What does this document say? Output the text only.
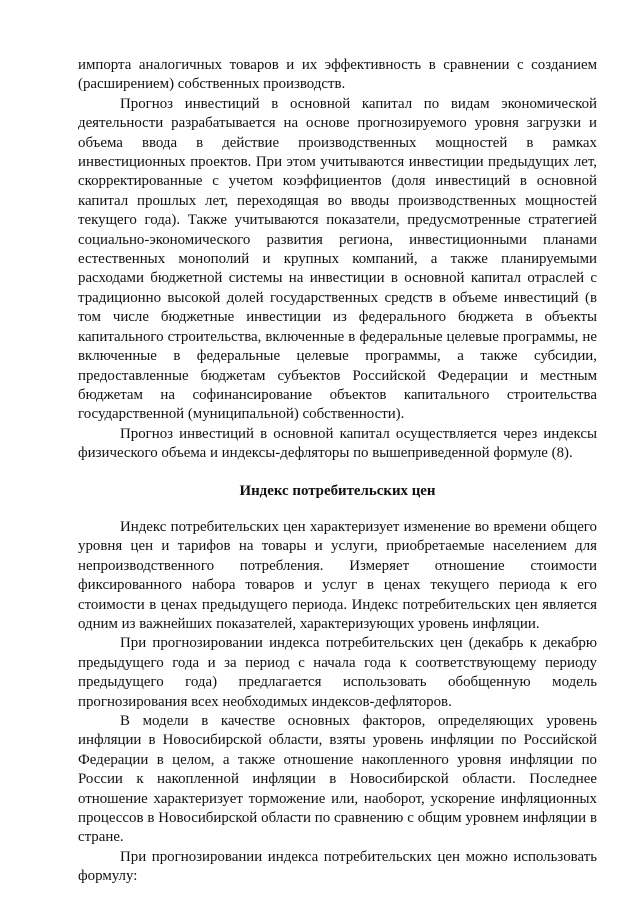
импорта аналогичных товаров и их эффективность в сравнении с созданием (расширением) собственных производств.

Прогноз инвестиций в основной капитал по видам экономической деятельности разрабатывается на основе прогнозируемого уровня загрузки и объема ввода в действие производственных мощностей в рамках инвестиционных проектов. При этом учитываются инвестиции предыдущих лет, скорректированные с учетом коэффициентов (доля инвестиций в основной капитал прошлых лет, переходящая во вводы производственных мощностей текущего года). Также учитываются показатели, предусмотренные стратегией социально-экономического развития региона, инвестиционными планами естественных монополий и крупных компаний, а также планируемыми расходами бюджетной системы на инвестиции в основной капитал отраслей с традиционно высокой долей государственных средств в объеме инвестиций (в том числе бюджетные инвестиции из федерального бюджета в объекты капитального строительства, включенные в федеральные целевые программы, не включенные в федеральные целевые программы, а также субсидии, предоставленные бюджетам субъектов Российской Федерации и местным бюджетам на софинансирование объектов капитального строительства государственной (муниципальной) собственности).

Прогноз инвестиций в основной капитал осуществляется через индексы физического объема и индексы-дефляторы по вышеприведенной формуле (8).

Индекс потребительских цен

Индекс потребительских цен характеризует изменение во времени общего уровня цен и тарифов на товары и услуги, приобретаемые населением для непроизводственного потребления. Измеряет отношение стоимости фиксированного набора товаров и услуг в ценах текущего периода к его стоимости в ценах предыдущего периода. Индекс потребительских цен является одним из важнейших показателей, характеризующих уровень инфляции.

При прогнозировании индекса потребительских цен (декабрь к декабрю предыдущего года и за период с начала года к соответствующему периоду предыдущего года) предлагается использовать обобщенную модель прогнозирования всех необходимых индексов-дефляторов.

В модели в качестве основных факторов, определяющих уровень инфляции в Новосибирской области, взяты уровень инфляции по Российской Федерации в целом, а также отношение накопленного уровня инфляции по России к накопленной инфляции в Новосибирской области. Последнее отношение характеризует торможение или, наоборот, ускорение инфляционных процессов в Новосибирской области по сравнению с общим уровнем инфляции в стране.

При прогнозировании индекса потребительских цен можно использовать формулу:
